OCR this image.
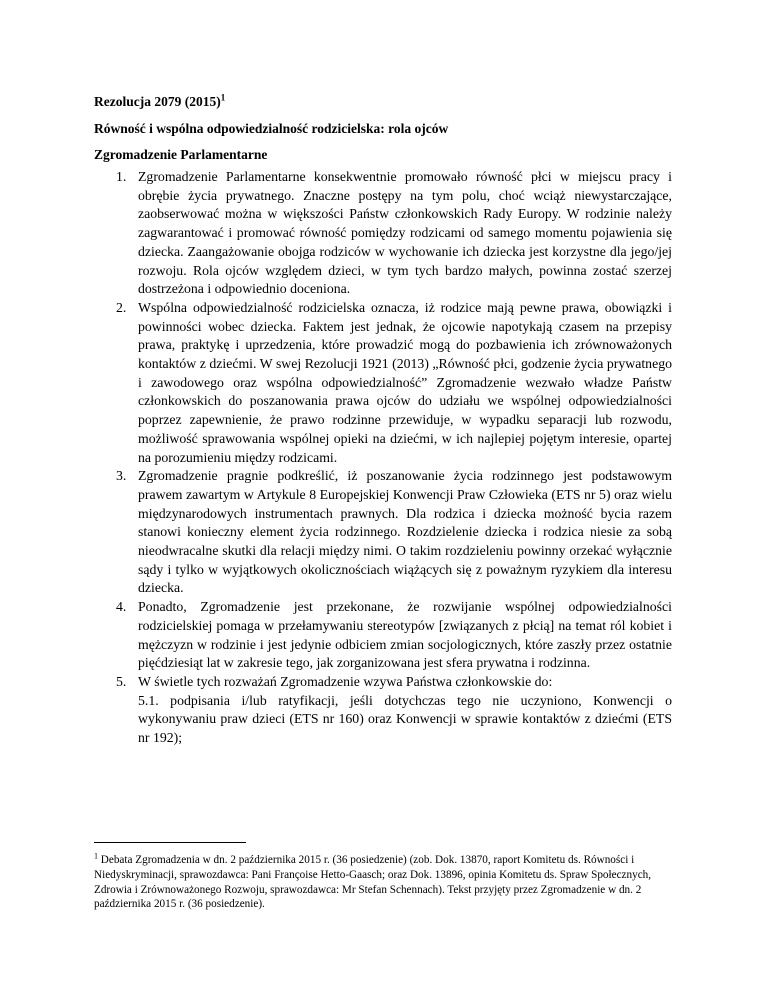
Rezolucja 2079 $(2015)^1$
Równość i wspólna odpowiedzialność rodzicielska: rola ojców
Zgromadzenie Parlamentarne
1. Zgromadzenie Parlamentarne konsekwentnie promowało równość płci w miejscu pracy i obrębie życia prywatnego. Znaczne postępy na tym polu, choć wciąż niewystarczające, zaobserwować można w większości Państw członkowskich Rady Europy. W rodzinie należy zagwarantować i promować równość pomiędzy rodzicami od samego momentu pojawienia się dziecka. Zaangażowanie obojga rodziców w wychowanie ich dziecka jest korzystne dla jego/jej rozwoju. Rola ojców względem dzieci, w tym tych bardzo małych, powinna zostać szerzej dostrzeżona i odpowiednio doceniona.
2. Wspólna odpowiedzialność rodzicielska oznacza, iż rodzice mają pewne prawa, obowiązki i powinności wobec dziecka. Faktem jest jednak, że ojcowie napotykają czasem na przepisy prawa, praktykę i uprzedzenia, które prowadzić mogą do pozbawienia ich zrównoważonych kontaktów z dziećmi. W swej Rezolucji 1921 (2013) „Równość płci, godzenie życia prywatnego i zawodowego oraz wspólna odpowiedzialność” Zgromadzenie wezwało władze Państw członkowskich do poszanowania prawa ojców do udziału we wspólnej odpowiedzialności poprzez zapewnienie, że prawo rodzinne przewiduje, w wypadku separacji lub rozwodu, możliwość sprawowania wspólnej opieki na dziećmi, w ich najlepiej pojętym interesie, opartej na porozumieniu między rodzicami.
3. Zgromadzenie pragnie podkreślić, iż poszanowanie życia rodzinnego jest podstawowym prawem zawartym w Artykule 8 Europejskiej Konwencji Praw Człowieka (ETS nr 5) oraz wielu międzynarodowych instrumentach prawnych. Dla rodzica i dziecka możność bycia razem stanowi konieczny element życia rodzinnego. Rozdzielenie dziecka i rodzica niesie za sobą nieodwracalne skutki dla relacji między nimi. O takim rozdzieleniu powinny orzekać wyłącznie sądy i tylko w wyjątkowych okolicznościach wiążących się z poważnym ryzykiem dla interesu dziecka.
4. Ponadto, Zgromadzenie jest przekonane, że rozwijanie wspólnej odpowiedzialności rodzicielskiej pomaga w przełamywaniu stereotypów [związanych z płcią] na temat ról kobiet i mężczyzn w rodzinie i jest jedynie odbiciem zmian socjologicznych, które zaszły przez ostatnie pięćdziesiąt lat w zakresie tego, jak zorganizowana jest sfera prywatna i rodzinna.
5. W świetle tych rozważań Zgromadzenie wzywa Państwa członkowskie do:
5.1. podpisania i/lub ratyfikacji, jeśli dotychczas tego nie uczyniono, Konwencji o wykonywaniu praw dzieci (ETS nr 160) oraz Konwencji w sprawie kontaktów z dziećmi (ETS nr 192);
$^1$ Debata Zgromadzenia w dn. 2 października 2015 r. (36 posiedzenie) (zob. Dok. 13870, raport Komitetu ds. Równości i Niedyskryminacji, sprawozdawca: Pani Françoise Hetto-Gaasch; oraz Dok. 13896, opinia Komitetu ds. Spraw Społecznych, Zdrowia i Zrównoważonego Rozwoju, sprawozdawca: Mr Stefan Schennach). Tekst przyjęty przez Zgromadzenie w dn. 2 października 2015 r. (36 posiedzenie).
